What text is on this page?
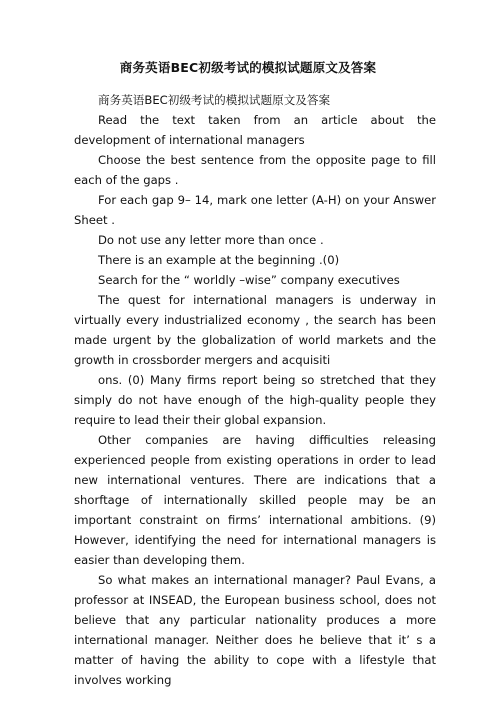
商务英语BEC初级考试的模拟试题原文及答案

商务英语BEC初级考试的模拟试题原文及答案

Read the text taken from an article about the development of international managers

Choose the best sentence from the opposite page to fill each of the gaps .

For each gap 9– 14, mark one letter (A-H) on your Answer Sheet .

Do not use any letter more than once .

There is an example at the beginning .(0)

Search for the “ worldly –wise” company executives

The quest for international managers is underway in virtually every industrialized economy , the search has been made urgent by the globalization of world markets and the growth in crossborder mergers and acquisiti

ons. (0) Many firms report being so stretched that they simply do not have enough of the high-quality people they require to lead their their global expansion.

Other companies are having difficulties releasing experienced people from existing operations in order to lead new international ventures. There are indications that a shorftage of internationally skilled people may be an important constraint on firms’ international ambitions. (9) However, identifying the need for international managers is easier than developing them.

So what makes an international manager? Paul Evans, a professor at INSEAD, the European business school, does not believe that any particular nationality produces a more international manager. Neither does he believe that it’ s a matter of having the ability to cope with a lifestyle that involves working
